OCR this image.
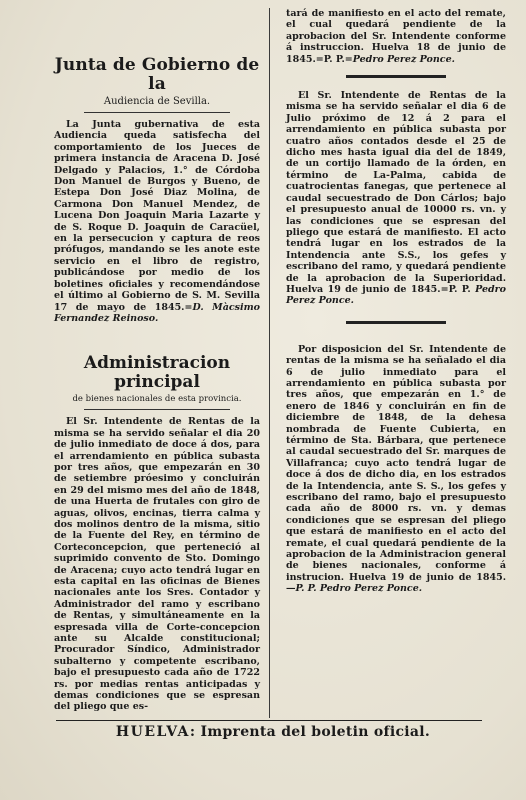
Junta de Gobierno de la
Audiencia de Sevilla.

La Junta gubernativa de esta Audiencia queda satisfecha del comportamiento de los Jueces de primera instancia de Aracena D. José Delgado y Palacios, 1.° de Córdoba Don Manuel de Burgos y Bueno, de Estepa Don José Diaz Molina, de Carmona Don Manuel Mendez, de Lucena Don Joaquin Maria Lazarte y de S. Roque D. Joaquin de Caracüel, en la persecucion y captura de reos prófugos, mandando se les anote este servicio en el libro de registro, publicándose por medio de los boletines oficiales y recomendándose el último al Gobierno de S. M. Sevilla 17 de mayo de 1845.=D. Màcsimo Fernandez Reinoso.

Administracion principal
de bienes nacionales de esta provincia.

El Sr. Intendente de Rentas de la misma se ha servido señalar el dia 20 de julio inmediato de doce á dos, para el arrendamiento en pública subasta por tres años, que empezarán en 30 de setiembre próesimo y concluirán en 29 del mismo mes del año de 1848, de una Huerta de frutales con giro de aguas, olivos, encinas, tierra calma y dos molinos dentro de la misma, sitio de la Fuente del Rey, en término de Corteconcepcion, que perteneció al suprimido convento de Sto. Domingo de Aracena; cuyo acto tendrá lugar en esta capital en las oficinas de Bienes nacionales ante los Sres. Contador y Administrador del ramo y escribano de Rentas, y simultáneamente en la espresada villa de Corte-concepcion ante su Alcalde constitucional; Procurador Síndico, Administrador subalterno y competente escribano, bajo el presupuesto cada año de 1722 rs. por medias rentas anticipadas y demas condiciones que se espresan del pliego que es-

tará de manifiesto en el acto del remate, el cual quedará pendiente de la aprobacion del Sr. Intendente conforme á instruccion. Huelva 18 de junio de 1845.=P. P.=Pedro Perez Ponce.

El Sr. Intendente de Rentas de la misma se ha servido señalar el dia 6 de Julio próximo de 12 á 2 para el arrendamiento en pública subasta por cuatro años contados desde el 25 de dicho mes hasta igual dia del de 1849, de un cortijo llamado de la órden, en término de La-Palma, cabida de cuatrocientas fanegas, que pertenece al caudal secuestrado de Don Cárlos; bajo el presupuesto anual de 10000 rs. vn. y las condiciones que se espresan del pliego que estará de manifiesto. El acto tendrá lugar en los estrados de la Intendencia ante S.S., los gefes y escribano del ramo, y quedará pendiente de la aprobacion de la Superioridad. Huelva 19 de junio de 1845.=P. P. Pedro Perez Ponce.

Por disposicion del Sr. Intendente de rentas de la misma se ha señalado el dia 6 de julio inmediato para el arrendamiento en pública subasta por tres años, que empezarán en 1.° de enero de 1846 y concluirán en fin de diciembre de 1848, de la dehesa nombrada de Fuente Cubierta, en término de Sta. Bárbara, que pertenece al caudal secuestrado del Sr. marques de Villafranca; cuyo acto tendrá lugar de doce á dos de dicho dia, en los estrados de la Intendencia, ante S. S., los gefes y escribano del ramo, bajo el presupuesto cada año de 8000 rs. vn. y demas condiciones que se espresan del pliego que estará de manifiesto en el acto del remate, el cual quedará pendiente de la aprobacion de la Administracion general de bienes nacionales, conforme á instrucion. Huelva 19 de junio de 1845.—P. P. Pedro Perez Ponce.

HUELVA: Imprenta del boletin oficial.
